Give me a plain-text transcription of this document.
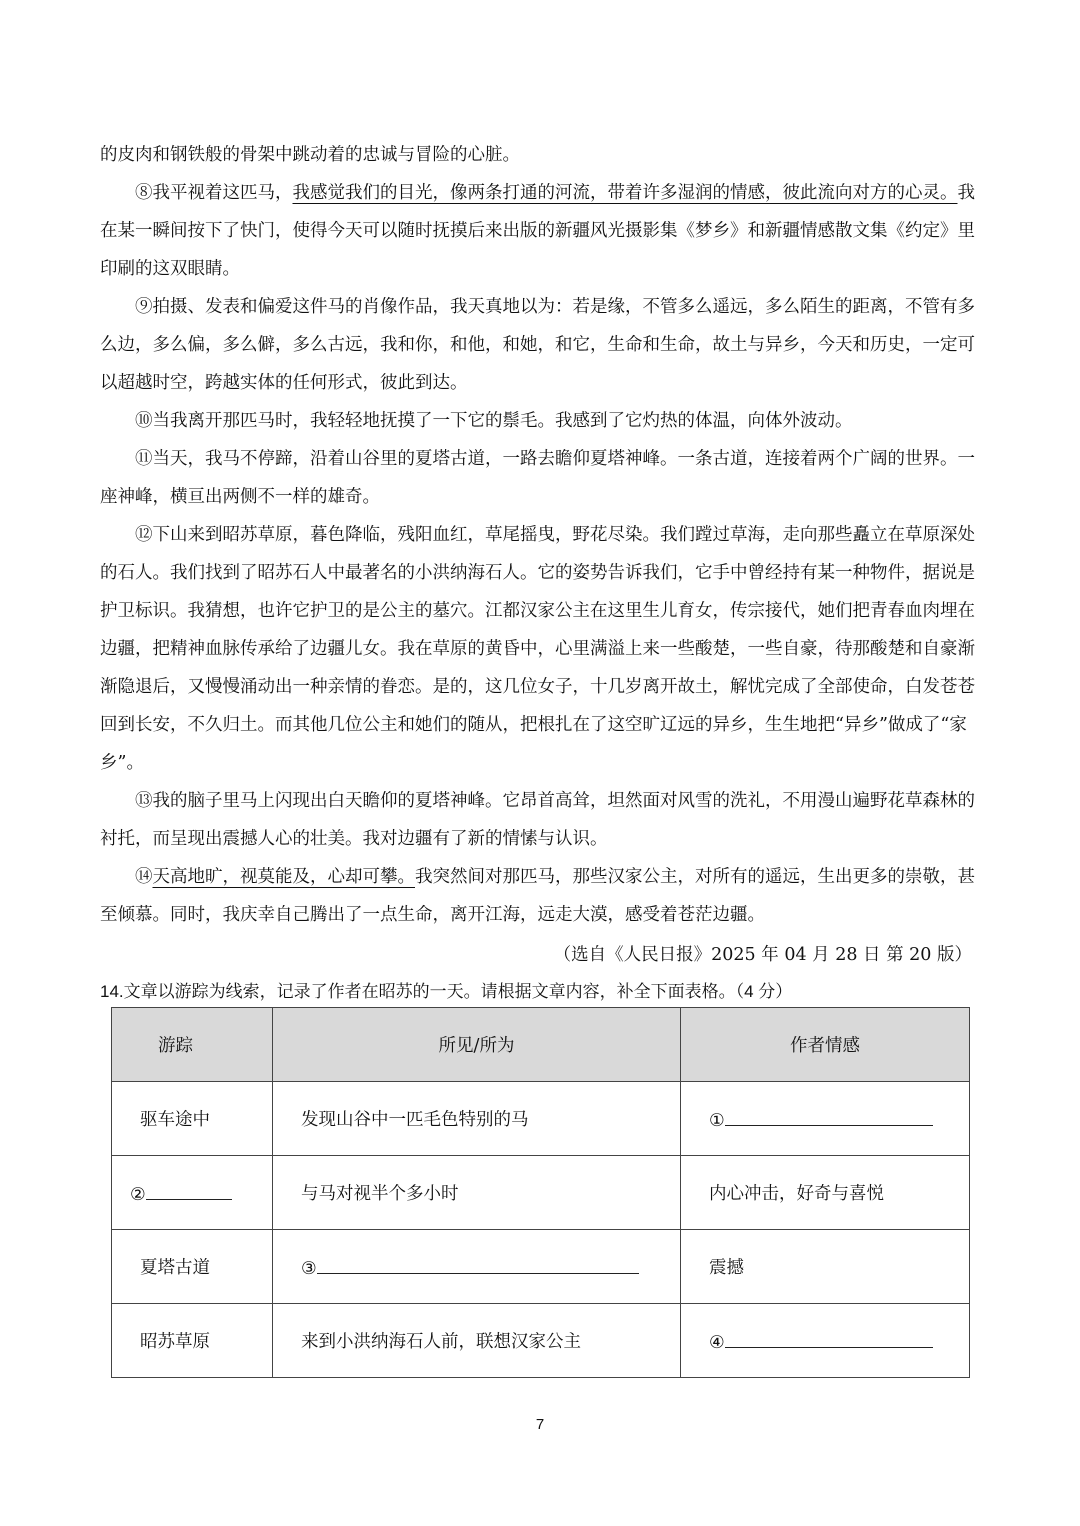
的皮肉和钢铁般的骨架中跳动着的忠诚与冒险的心脏。

⑧我平视着这匹马，我感觉我们的目光，像两条打通的河流，带着许多湿润的情感，彼此流向对方的心灵。我在某一瞬间按下了快门，使得今天可以随时抚摸后来出版的新疆风光摄影集《梦乡》和新疆情感散文集《约定》里印刷的这双眼睛。

⑨拍摄、发表和偏爱这件马的肖像作品，我天真地以为：若是缘，不管多么遥远，多么陌生的距离，不管有多么边，多么偏，多么僻，多么古远，我和你，和他，和她，和它，生命和生命，故土与异乡，今天和历史，一定可以超越时空，跨越实体的任何形式，彼此到达。

⑩当我离开那匹马时，我轻轻地抚摸了一下它的鬃毛。我感到了它灼热的体温，向体外波动。

⑪当天，我马不停蹄，沿着山谷里的夏塔古道，一路去瞻仰夏塔神峰。一条古道，连接着两个广阔的世界。一座神峰，横亘出两侧不一样的雄奇。

⑫下山来到昭苏草原，暮色降临，残阳血红，草尾摇曳，野花尽染。我们蹚过草海，走向那些矗立在草原深处的石人。我们找到了昭苏石人中最著名的小洪纳海石人。它的姿势告诉我们，它手中曾经持有某一种物件，据说是护卫标识。我猜想，也许它护卫的是公主的墓穴。江都汉家公主在这里生儿育女，传宗接代，她们把青春血肉埋在边疆，把精神血脉传承给了边疆儿女。我在草原的黄昏中，心里满溢上来一些酸楚，一些自豪，待那酸楚和自豪渐渐隐退后，又慢慢涌动出一种亲情的眷恋。是的，这几位女子，十几岁离开故土，解忧完成了全部使命，白发苍苍回到长安，不久归土。而其他几位公主和她们的随从，把根扎在了这空旷辽远的异乡，生生地把“异乡”做成了“家乡”。

⑬我的脑子里马上闪现出白天瞻仰的夏塔神峰。它昂首高耸，坦然面对风雪的洗礼，不用漫山遍野花草森林的衬托，而呈现出震撼人心的壮美。我对边疆有了新的情愫与认识。

⑭天高地旷，视莫能及，心却可攀。我突然间对那匹马，那些汉家公主，对所有的遥远，生出更多的崇敬，甚至倾慕。同时，我庆幸自己腾出了一点生命，离开江海，远走大漠，感受着苍茫边疆。

（选自《人民日报》2025 年 04 月 28 日 第 20 版）
14.文章以游踪为线索，记录了作者在昭苏的一天。请根据文章内容，补全下面表格。（4 分）
游踪	所见/所为	作者情感
驱车途中	发现山谷中一匹毛色特别的马	①
②	与马对视半个多小时	内心冲击，好奇与喜悦
夏塔古道	③	震撼
昭苏草原	来到小洪纳海石人前，联想汉家公主	④
7
